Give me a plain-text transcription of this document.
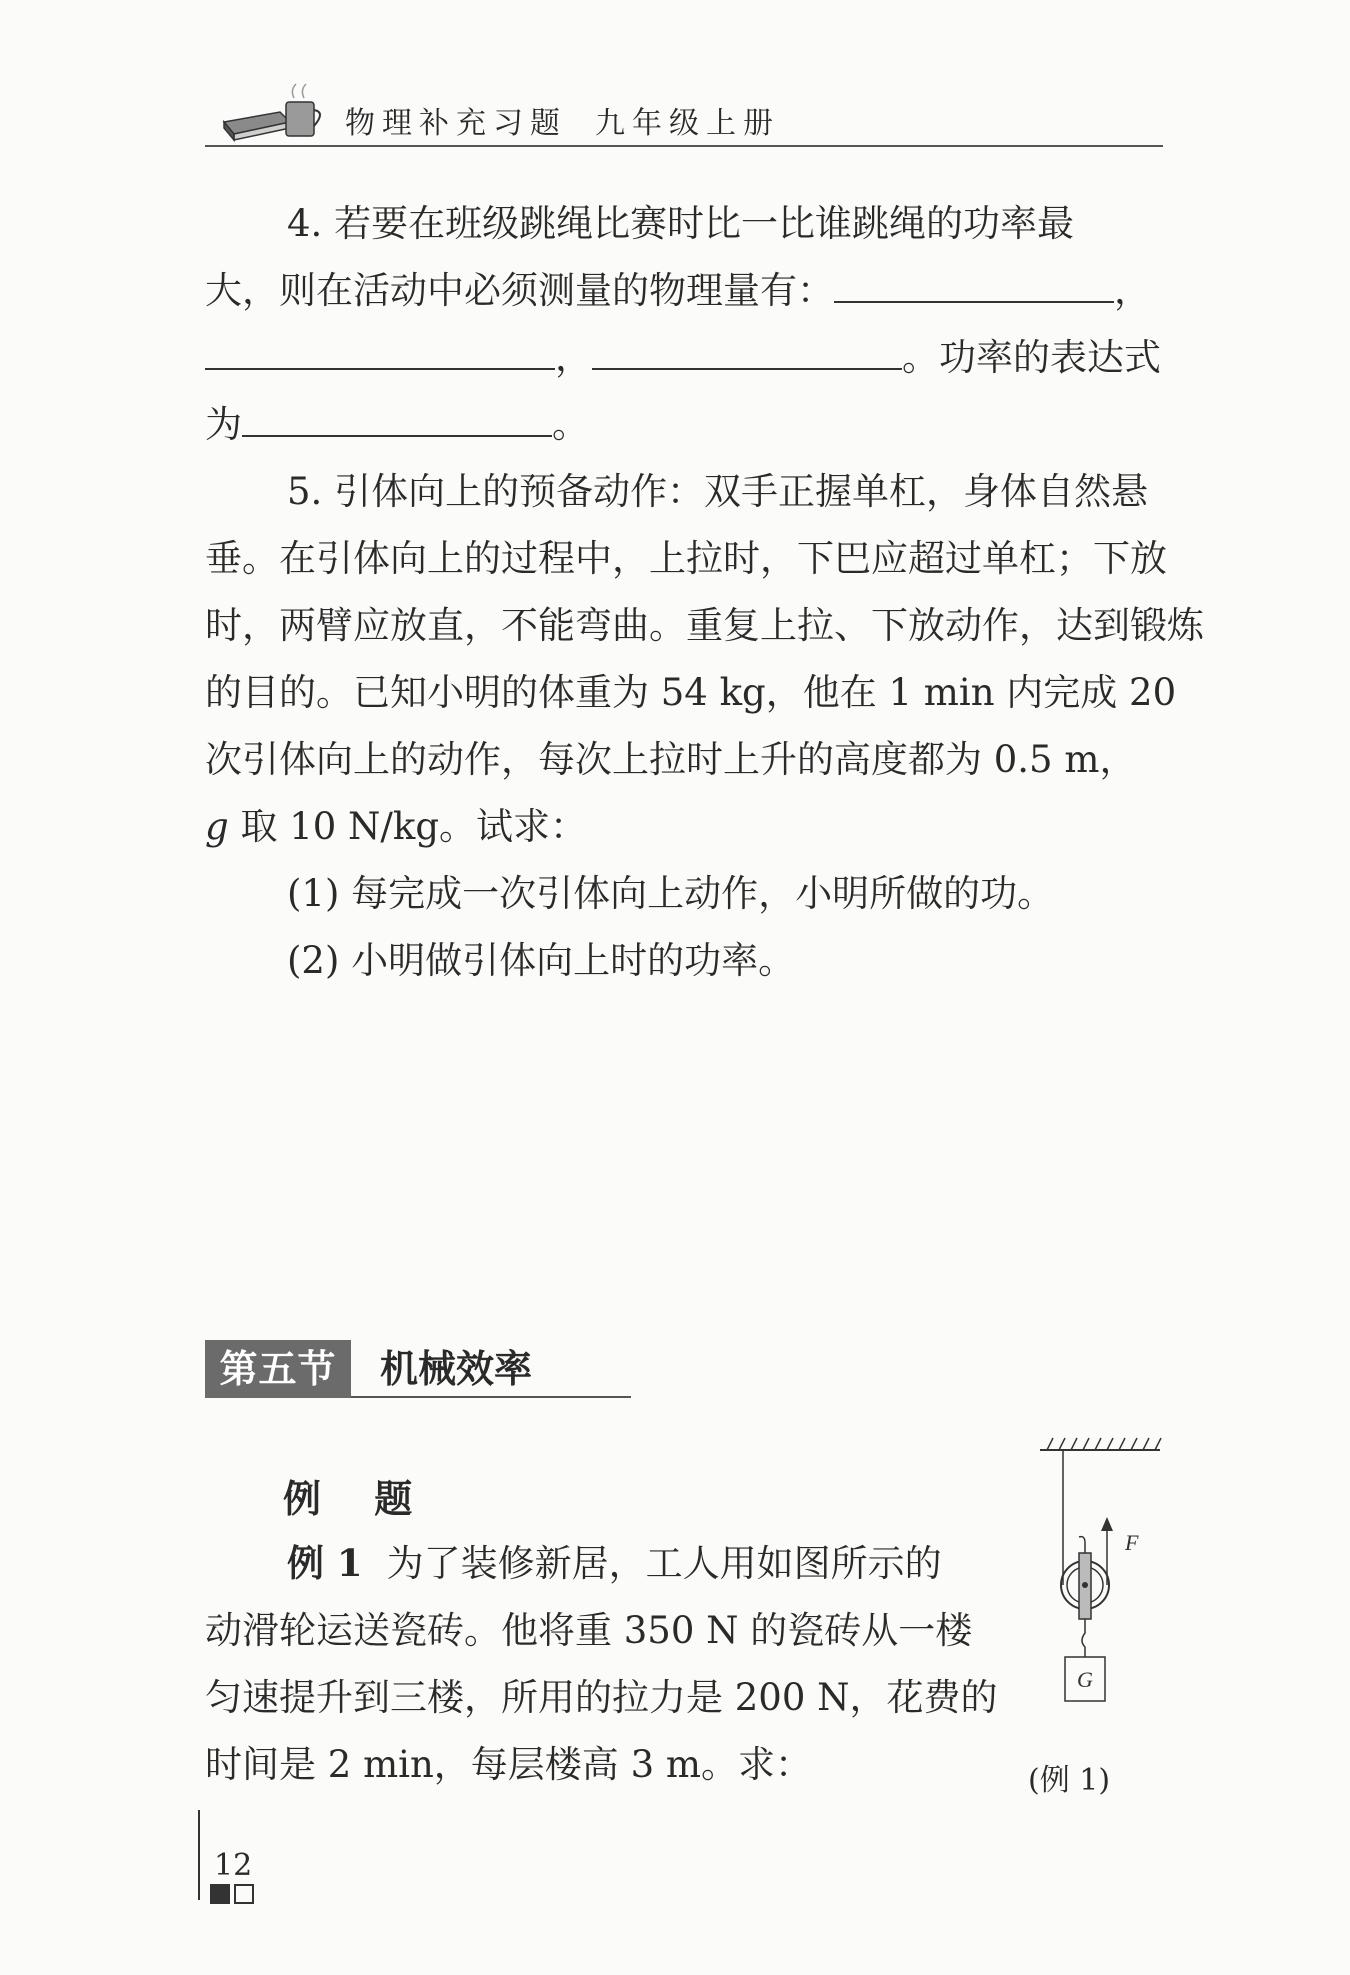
物理补充习题 九年级上册
4. 若要在班级跳绳比赛时比一比谁跳绳的功率最
大，则在活动中必须测量的物理量有：	，
，	。功率的表达式
为	。
5. 引体向上的预备动作：双手正握单杠，身体自然悬
垂。在引体向上的过程中，上拉时，下巴应超过单杠；下放
时，两臂应放直，不能弯曲。重复上拉、下放动作，达到锻炼
的目的。已知小明的体重为 54 kg，他在 1 min 内完成 20
次引体向上的动作，每次上拉时上升的高度都为 0.5 m，
g 取 10 N/kg。试求：
(1) 每完成一次引体向上动作，小明所做的功。
(2) 小明做引体向上时的功率。
第五节	机械效率
例 题
例 1 为了装修新居，工人用如图所示的
动滑轮运送瓷砖。他将重 350 N 的瓷砖从一楼
匀速提升到三楼，所用的拉力是 200 N，花费的
时间是 2 min，每层楼高 3 m。求：
F
G
(例 1)
12
